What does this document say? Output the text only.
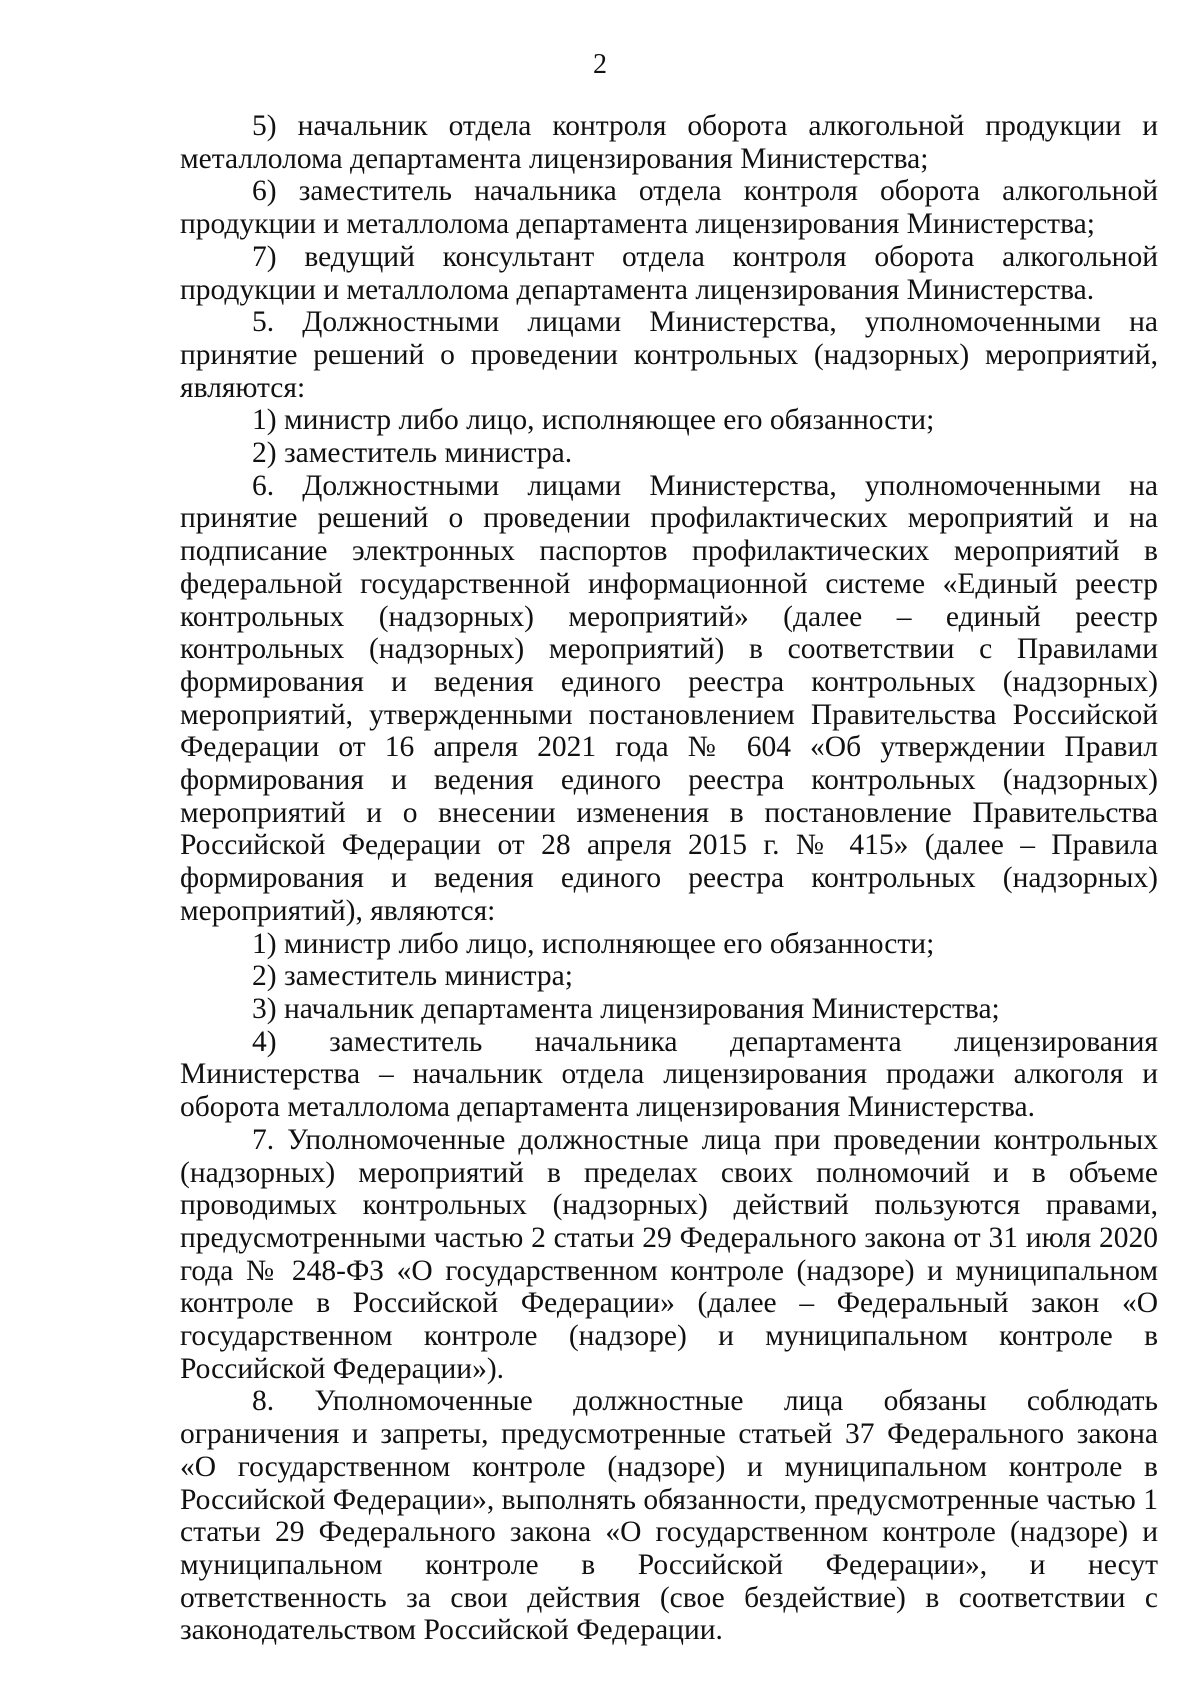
2

5) начальник отдела контроля оборота алкогольной продукции и металлолома департамента лицензирования Министерства;

6) заместитель начальника отдела контроля оборота алкогольной продукции и металлолома департамента лицензирования Министерства;

7) ведущий консультант отдела контроля оборота алкогольной продукции и металлолома департамента лицензирования Министерства.

5. Должностными лицами Министерства, уполномоченными на принятие решений о проведении контрольных (надзорных) мероприятий, являются:

1) министр либо лицо, исполняющее его обязанности;

2) заместитель министра.

6. Должностными лицами Министерства, уполномоченными на принятие решений о проведении профилактических мероприятий и на подписание электронных паспортов профилактических мероприятий в федеральной государственной информационной системе «Единый реестр контрольных (надзорных) мероприятий» (далее – единый реестр контрольных (надзорных) мероприятий) в соответствии с Правилами формирования и ведения единого реестра контрольных (надзорных) мероприятий, утвержденными постановлением Правительства Российской Федерации от 16 апреля 2021 года № 604 «Об утверждении Правил формирования и ведения единого реестра контрольных (надзорных) мероприятий и о внесении изменения в постановление Правительства Российской Федерации от 28 апреля 2015 г. № 415» (далее – Правила формирования и ведения единого реестра контрольных (надзорных) мероприятий), являются:

1) министр либо лицо, исполняющее его обязанности;

2) заместитель министра;

3) начальник департамента лицензирования Министерства;

4) заместитель начальника департамента лицензирования Министерства – начальник отдела лицензирования продажи алкоголя и оборота металлолома департамента лицензирования Министерства.

7. Уполномоченные должностные лица при проведении контрольных (надзорных) мероприятий в пределах своих полномочий и в объеме проводимых контрольных (надзорных) действий пользуются правами, предусмотренными частью 2 статьи 29 Федерального закона от 31 июля 2020 года № 248-ФЗ «О государственном контроле (надзоре) и муниципальном контроле в Российской Федерации» (далее – Федеральный закон «О государственном контроле (надзоре) и муниципальном контроле в Российской Федерации»).

8. Уполномоченные должностные лица обязаны соблюдать ограничения и запреты, предусмотренные статьей 37 Федерального закона «О государственном контроле (надзоре) и муниципальном контроле в Российской Федерации», выполнять обязанности, предусмотренные частью 1 статьи 29 Федерального закона «О государственном контроле (надзоре) и муниципальном контроле в Российской Федерации», и несут ответственность за свои действия (свое бездействие) в соответствии с законодательством Российской Федерации.
